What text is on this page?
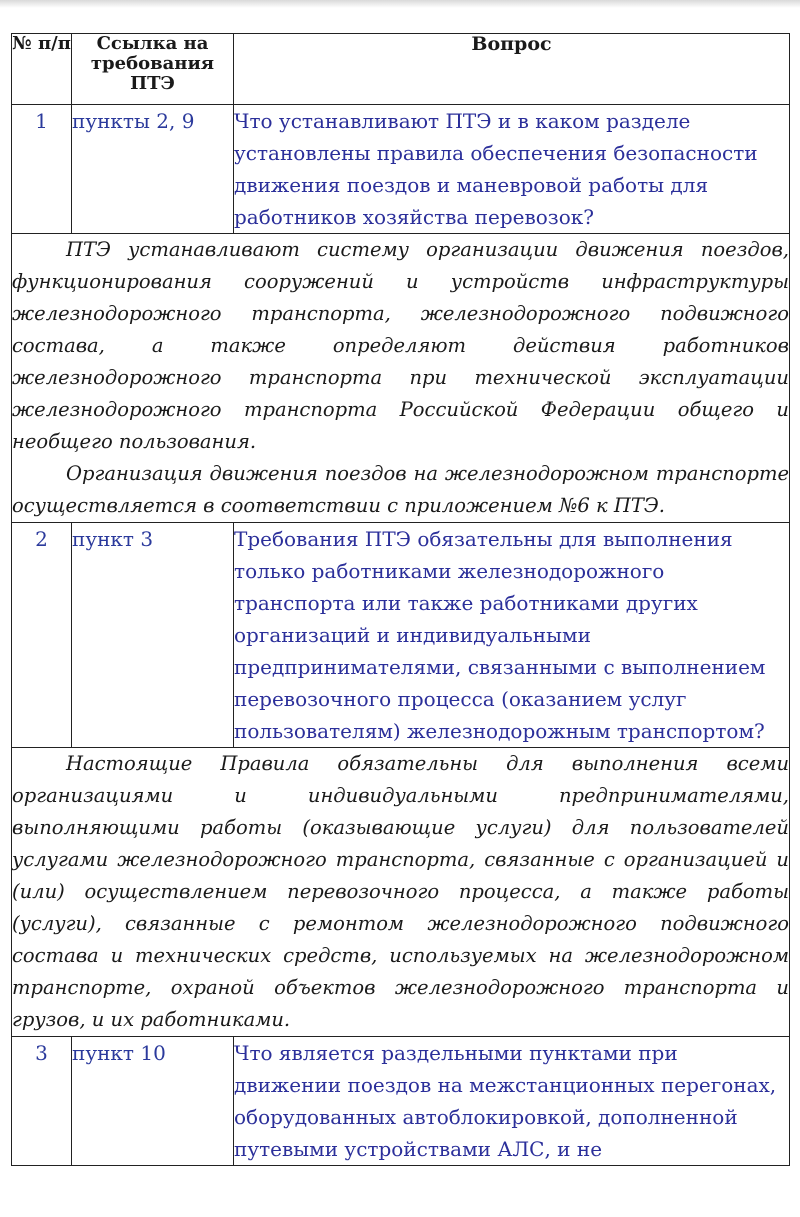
№ п/п	Ссылка на требования ПТЭ	Вопрос
1	пункты 2, 9	Что устанавливают ПТЭ и в каком разделе установлены правила обеспечения безопасности движения поездов и маневровой работы для работников хозяйства перевозок?

ПТЭ устанавливают систему организации движения поездов, функционирования сооружений и устройств инфраструктуры железнодорожного транспорта, железнодорожного подвижного состава, а также определяют действия работников железнодорожного транспорта при технической эксплуатации железнодорожного транспорта Российской Федерации общего и необщего пользования.

Организация движения поездов на железнодорожном транспорте осуществляется в соответствии с приложением №6 к ПТЭ.		

2	пункт 3	Требования ПТЭ обязательны для выполнения только работниками железнодорожного транспорта или также работниками других организаций и индивидуальными предпринимателями, связанными с выполнением перевозочного процесса (оказанием услуг пользователям) железнодорожным транспортом?

Настоящие Правила обязательны для выполнения всеми организациями и индивидуальными предпринимателями, выполняющими работы (оказывающие услуги) для пользователей услугами железнодорожного транспорта, связанные с организацией и (или) осуществлением перевозочного процесса, а также работы (услуги), связанные с ремонтом железнодорожного подвижного состава и технических средств, используемых на железнодорожном транспорте, охраной объектов железнодорожного транспорта и грузов, и их работниками.		

3	пункт 10	Что является раздельными пунктами при движении поездов на межстанционных перегонах, оборудованных автоблокировкой, дополненной путевыми устройствами АЛС, и не
